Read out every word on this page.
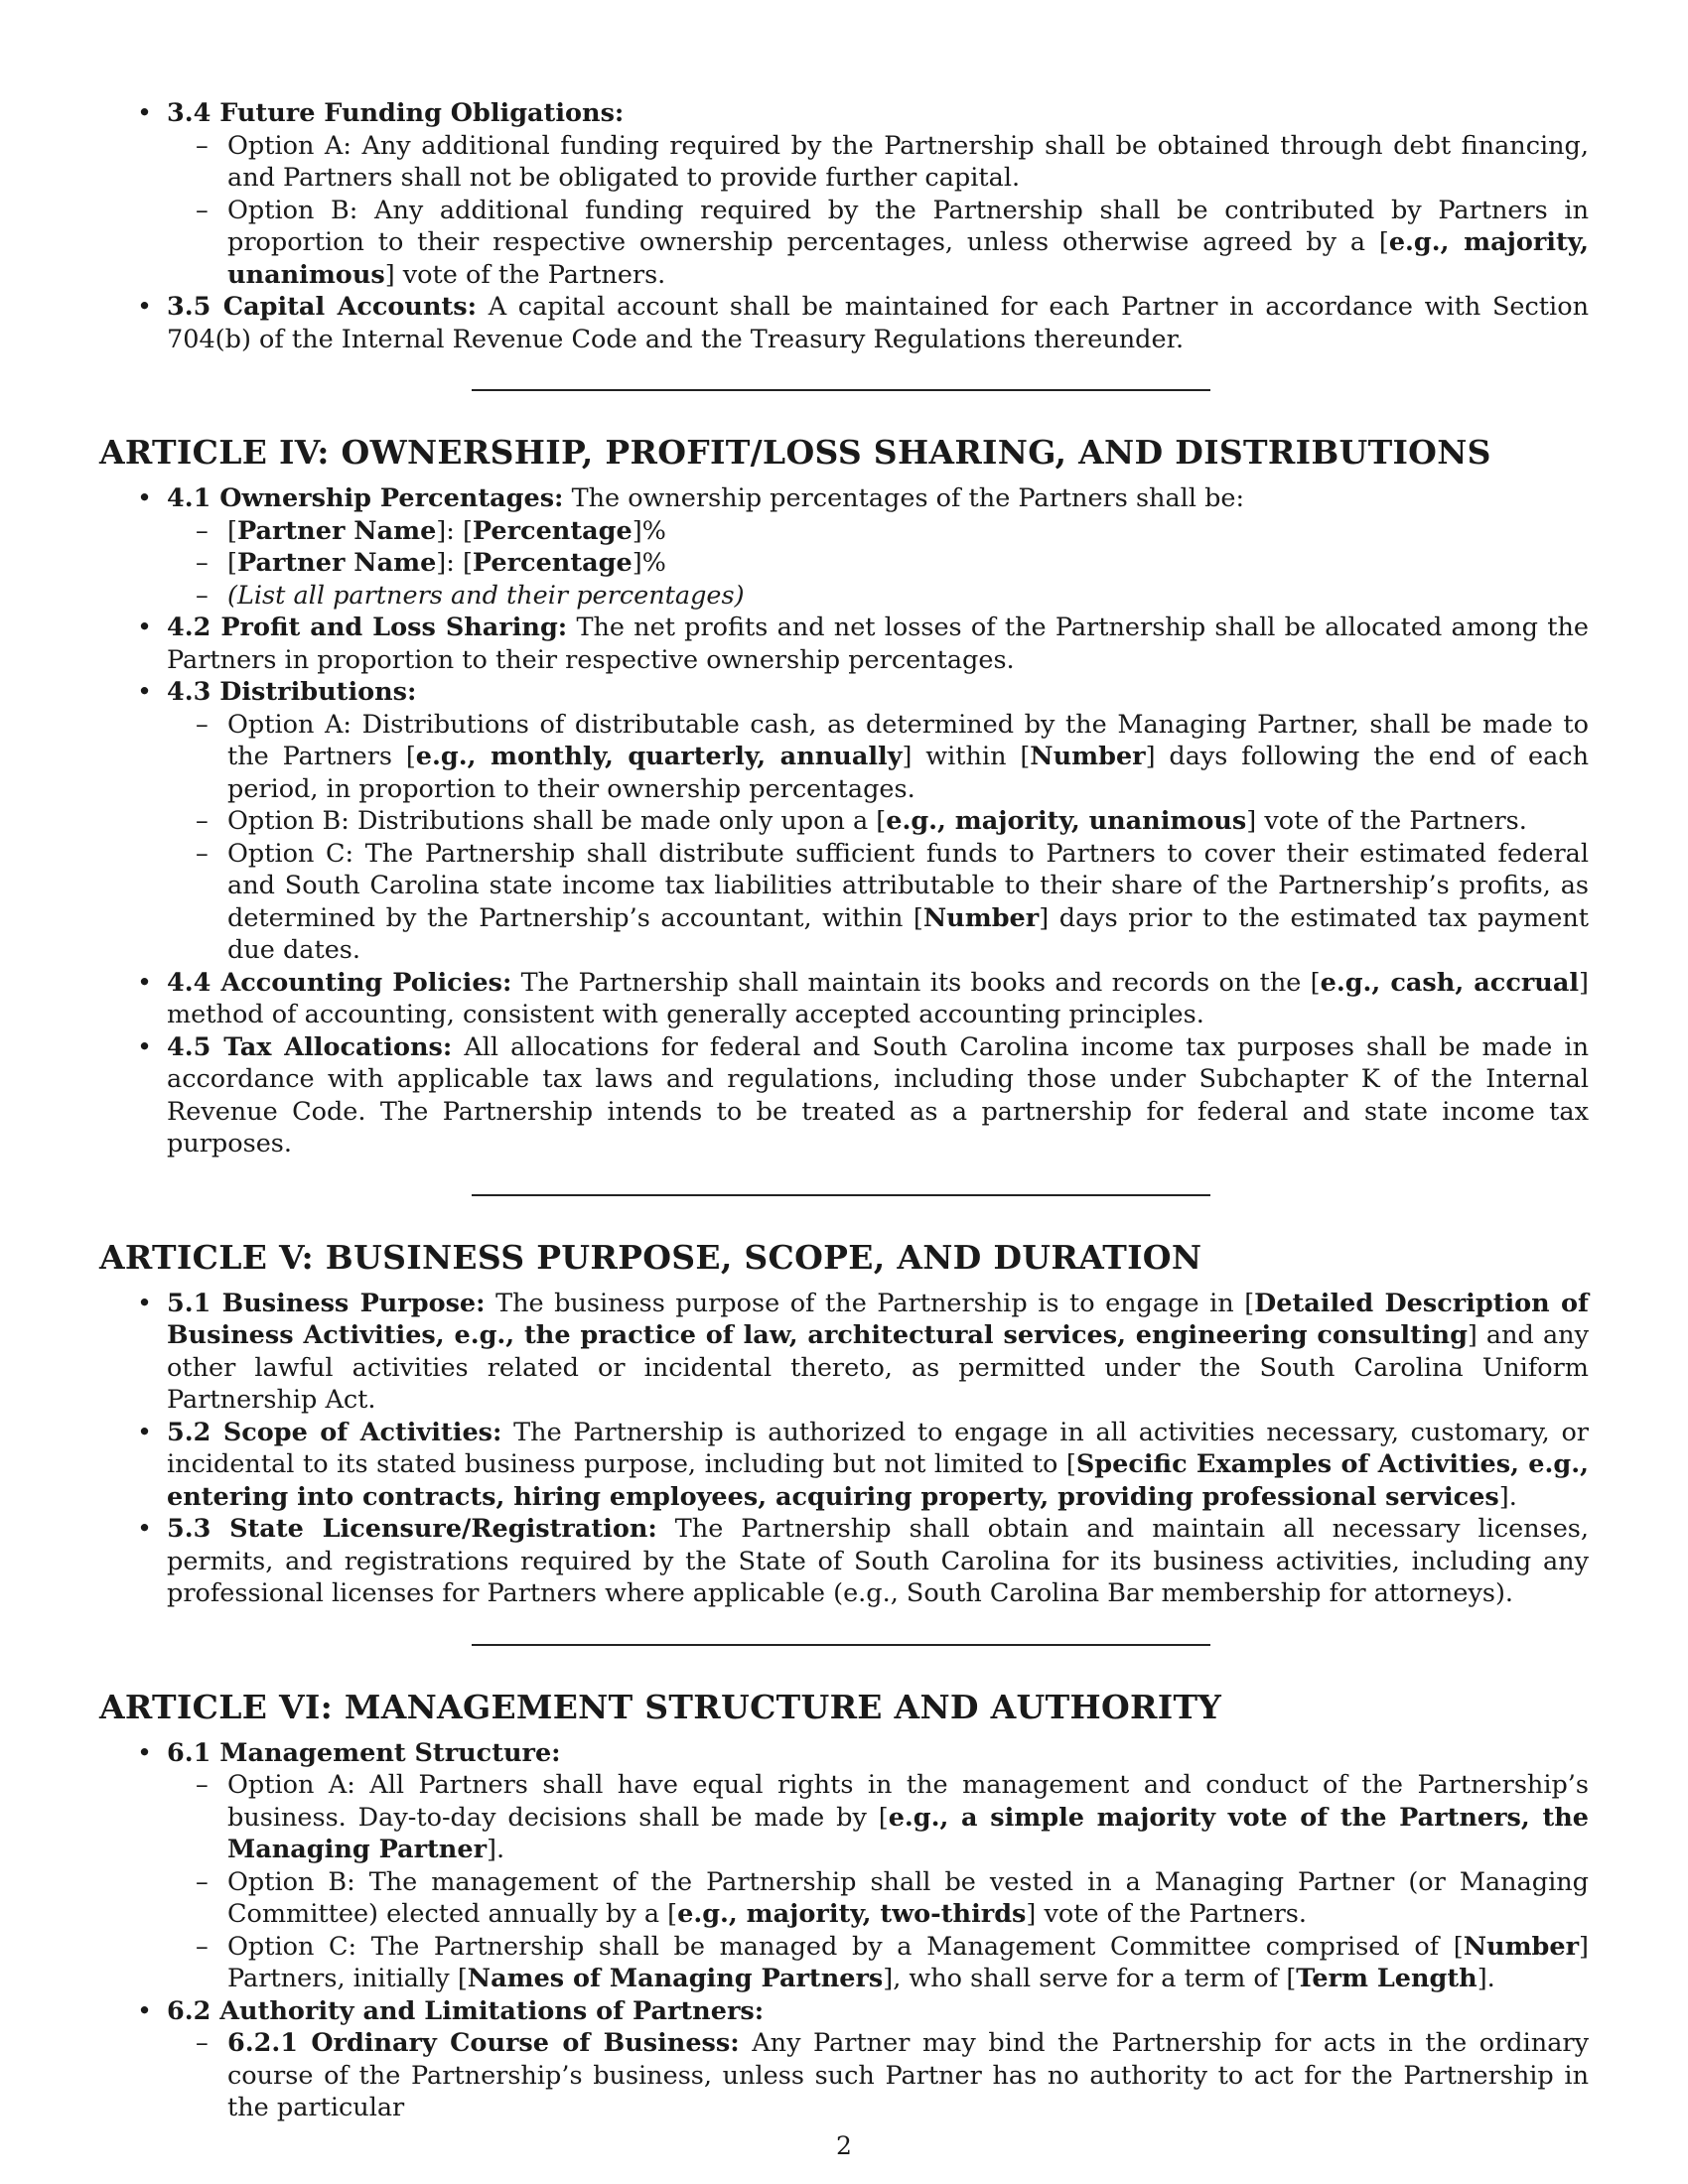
• 3.4 Future Funding Obligations:
– Option A: Any additional funding required by the Partnership shall be obtained through debt financing, and Partners shall not be obligated to provide further capital.
– Option B: Any additional funding required by the Partnership shall be contributed by Partners in proportion to their respective ownership percentages, unless otherwise agreed by a [e.g., majority, unanimous] vote of the Partners.
• 3.5 Capital Accounts: A capital account shall be maintained for each Partner in accordance with Section 704(b) of the Internal Revenue Code and the Treasury Regulations thereunder.
ARTICLE IV: OWNERSHIP, PROFIT/LOSS SHARING, AND DISTRIBUTIONS
• 4.1 Ownership Percentages: The ownership percentages of the Partners shall be:
– [Partner Name]: [Percentage]%
– [Partner Name]: [Percentage]%
– (List all partners and their percentages)
• 4.2 Profit and Loss Sharing: The net profits and net losses of the Partnership shall be allocated among the Partners in proportion to their respective ownership percentages.
• 4.3 Distributions:
– Option A: Distributions of distributable cash, as determined by the Managing Partner, shall be made to the Partners [e.g., monthly, quarterly, annually] within [Number] days following the end of each period, in proportion to their ownership percentages.
– Option B: Distributions shall be made only upon a [e.g., majority, unanimous] vote of the Partners.
– Option C: The Partnership shall distribute sufficient funds to Partners to cover their estimated federal and South Carolina state income tax liabilities attributable to their share of the Partnership’s profits, as determined by the Partnership’s accountant, within [Number] days prior to the estimated tax payment due dates.
• 4.4 Accounting Policies: The Partnership shall maintain its books and records on the [e.g., cash, accrual] method of accounting, consistent with generally accepted accounting principles.
• 4.5 Tax Allocations: All allocations for federal and South Carolina income tax purposes shall be made in accordance with applicable tax laws and regulations, including those under Subchapter K of the Internal Revenue Code. The Partnership intends to be treated as a partnership for federal and state income tax purposes.
ARTICLE V: BUSINESS PURPOSE, SCOPE, AND DURATION
• 5.1 Business Purpose: The business purpose of the Partnership is to engage in [Detailed Description of Business Activities, e.g., the practice of law, architectural services, engineering consulting] and any other lawful activities related or incidental thereto, as permitted under the South Carolina Uniform Partnership Act.
• 5.2 Scope of Activities: The Partnership is authorized to engage in all activities necessary, customary, or incidental to its stated business purpose, including but not limited to [Specific Examples of Activities, e.g., entering into contracts, hiring employees, acquiring property, providing professional services].
• 5.3 State Licensure/Registration: The Partnership shall obtain and maintain all necessary licenses, permits, and registrations required by the State of South Carolina for its business activities, including any professional licenses for Partners where applicable (e.g., South Carolina Bar membership for attorneys).
ARTICLE VI: MANAGEMENT STRUCTURE AND AUTHORITY
• 6.1 Management Structure:
– Option A: All Partners shall have equal rights in the management and conduct of the Partnership’s business. Day-to-day decisions shall be made by [e.g., a simple majority vote of the Partners, the Managing Partner].
– Option B: The management of the Partnership shall be vested in a Managing Partner (or Managing Committee) elected annually by a [e.g., majority, two-thirds] vote of the Partners.
– Option C: The Partnership shall be managed by a Management Committee comprised of [Number] Partners, initially [Names of Managing Partners], who shall serve for a term of [Term Length].
• 6.2 Authority and Limitations of Partners:
– 6.2.1 Ordinary Course of Business: Any Partner may bind the Partnership for acts in the ordinary course of the Partnership’s business, unless such Partner has no authority to act for the Partnership in the particular
2
